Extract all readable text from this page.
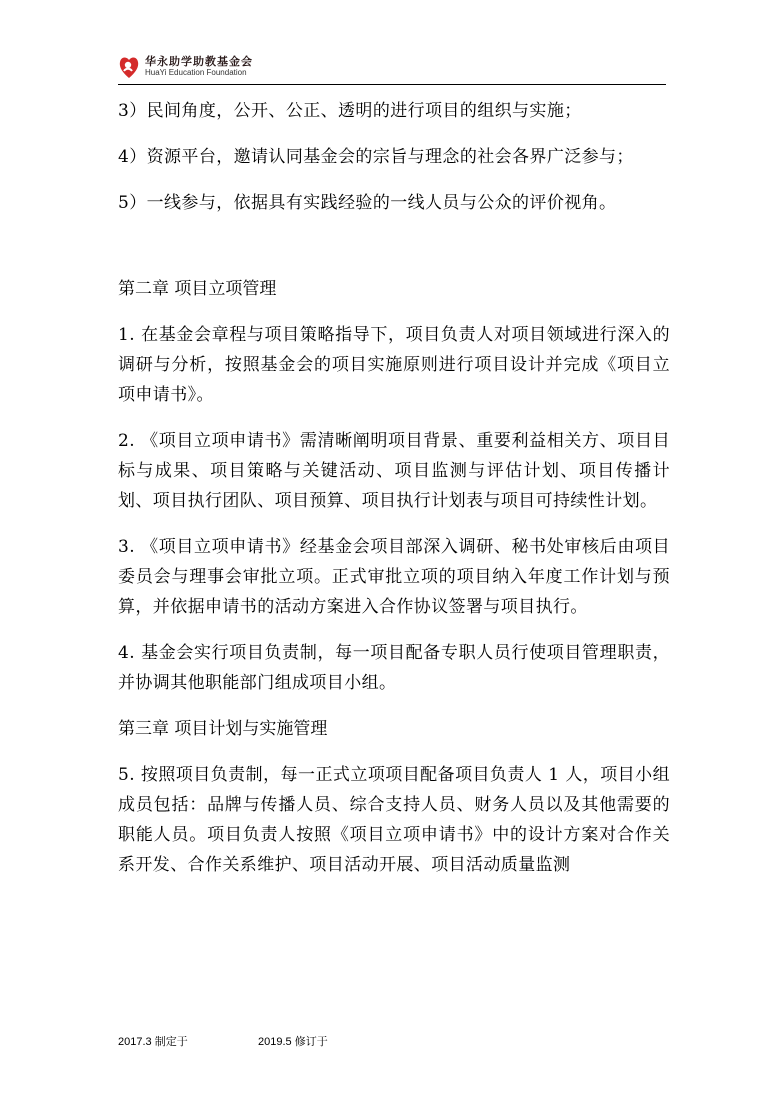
华永助学助教基金会
HuaYi Education Foundation

3）民间角度，公开、公正、透明的进行项目的组织与实施；

4）资源平台，邀请认同基金会的宗旨与理念的社会各界广泛参与；

5）一线参与，依据具有实践经验的一线人员与公众的评价视角。

第二章 项目立项管理

1. 在基金会章程与项目策略指导下，项目负责人对项目领域进行深入的调研与分析，按照基金会的项目实施原则进行项目设计并完成《项目立项申请书》。

2. 《项目立项申请书》需清晰阐明项目背景、重要利益相关方、项目目标与成果、项目策略与关键活动、项目监测与评估计划、项目传播计划、项目执行团队、项目预算、项目执行计划表与项目可持续性计划。

3. 《项目立项申请书》经基金会项目部深入调研、秘书处审核后由项目委员会与理事会审批立项。正式审批立项的项目纳入年度工作计划与预算，并依据申请书的活动方案进入合作协议签署与项目执行。

4. 基金会实行项目负责制，每一项目配备专职人员行使项目管理职责，并协调其他职能部门组成项目小组。

第三章 项目计划与实施管理

5. 按照项目负责制，每一正式立项项目配备项目负责人 1 人，项目小组成员包括：品牌与传播人员、综合支持人员、财务人员以及其他需要的职能人员。项目负责人按照《项目立项申请书》中的设计方案对合作关系开发、合作关系维护、项目活动开展、项目活动质量监测

2017.3 制定于	2019.5 修订于
